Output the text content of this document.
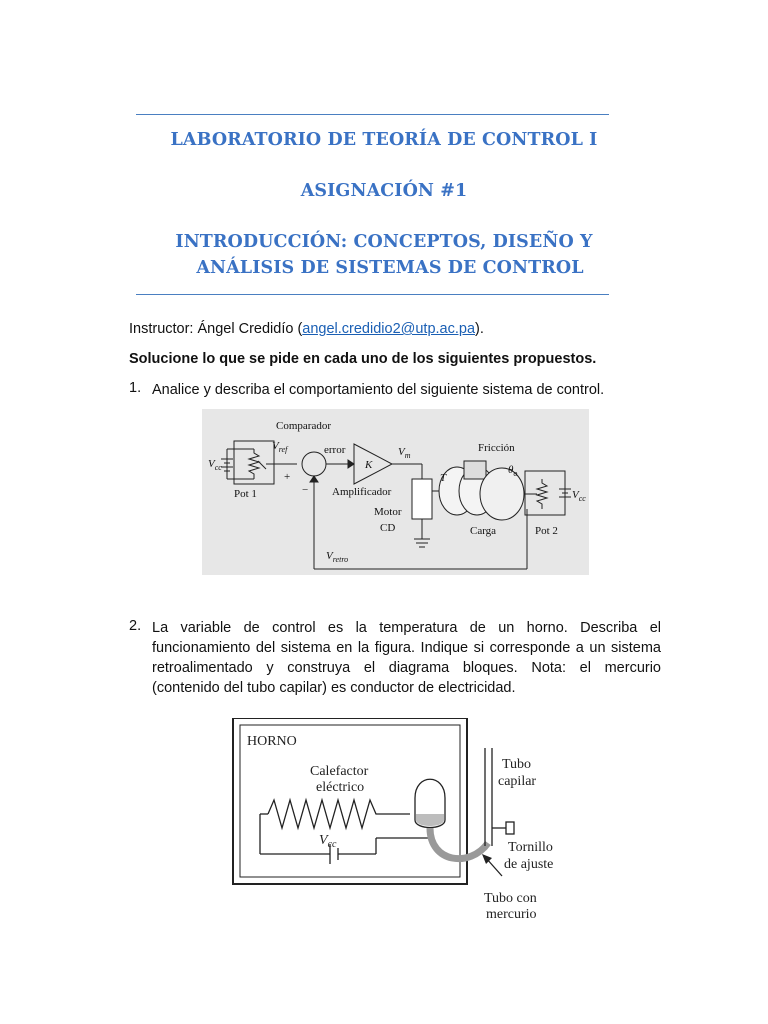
LABORATORIO DE TEORÍA DE CONTROL I
ASIGNACIÓN #1
INTRODUCCIÓN: CONCEPTOS, DISEÑO Y
ANÁLISIS DE SISTEMAS DE CONTROL
Instructor: Ángel Credidío (angel.credidio2@utp.ac.pa).
Solucione lo que se pide en cada uno de los siguientes propuestos.
1. Analice y describa el comportamiento del siguiente sistema de control.
Comparador
$V_{ref}$	error
+
−
K
$V_m$
Amplificador
Motor
CD
Fricción
T
$\theta_o$
Carga
Pot 1
Pot 2
$V_{cc}$
$V_{cc}$
$V_{retro}$
2. La variable de control es la temperatura de un horno. Describa el
funcionamiento del sistema en la figura. Indique si corresponde a un sistema
retroalimentado y construya el diagrama bloques. Nota: el mercurio
(contenido del tubo capilar) es conductor de electricidad.
HORNO
Calefactor
eléctrico
$V_{cc}$
Tubo
capilar
Tornillo
de ajuste
Tubo con
mercurio
